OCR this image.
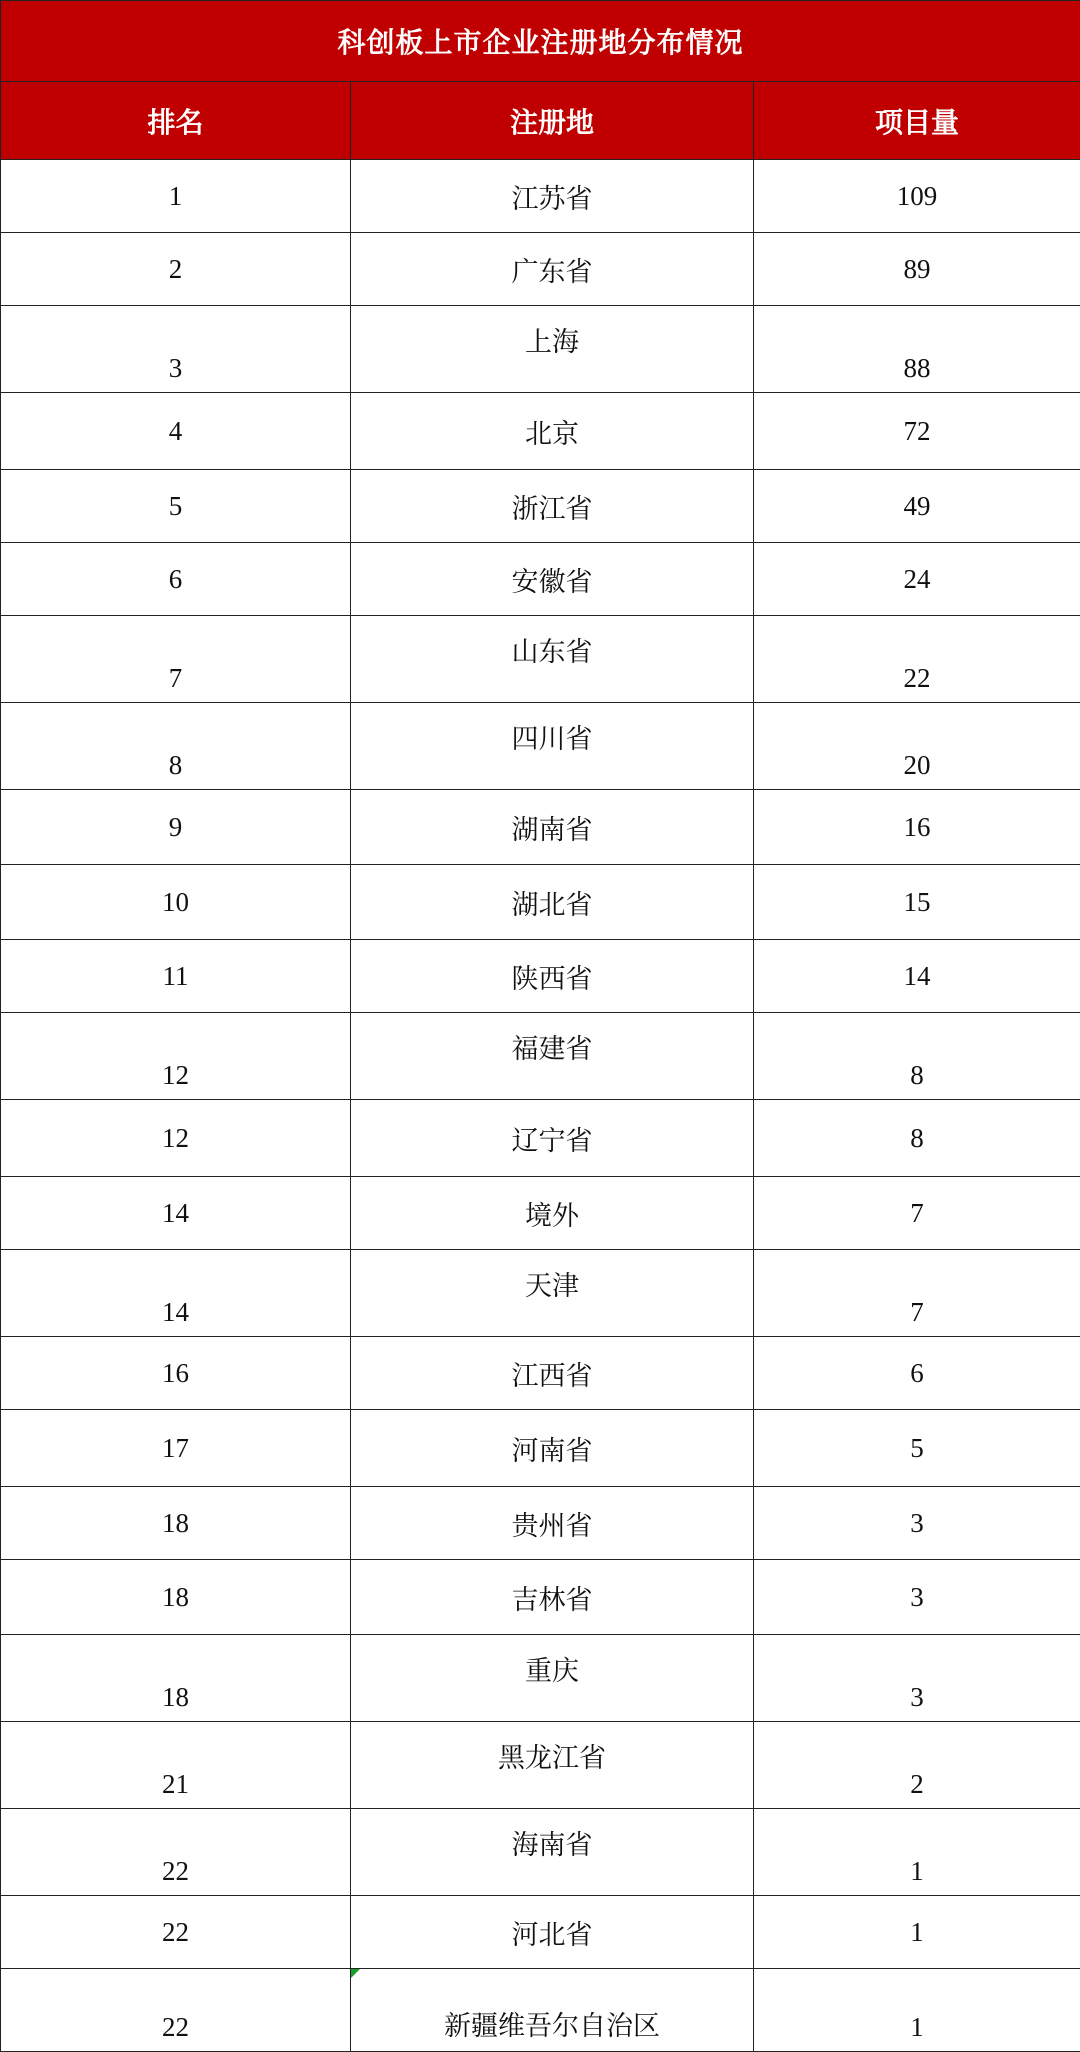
科创板上市企业注册地分布情况		
排名	注册地	项目量
1	江苏省	109
2	广东省	89
3	上海	88
4	北京	72
5	浙江省	49
6	安徽省	24
7	山东省	22
8	四川省	20
9	湖南省	16
10	湖北省	15
11	陕西省	14
12	福建省	8
12	辽宁省	8
14	境外	7
14	天津	7
16	江西省	6
17	河南省	5
18	贵州省	3
18	吉林省	3
18	重庆	3
21	黑龙江省	2
22	海南省	1
22	河北省	1
22	新疆维吾尔自治区	1
